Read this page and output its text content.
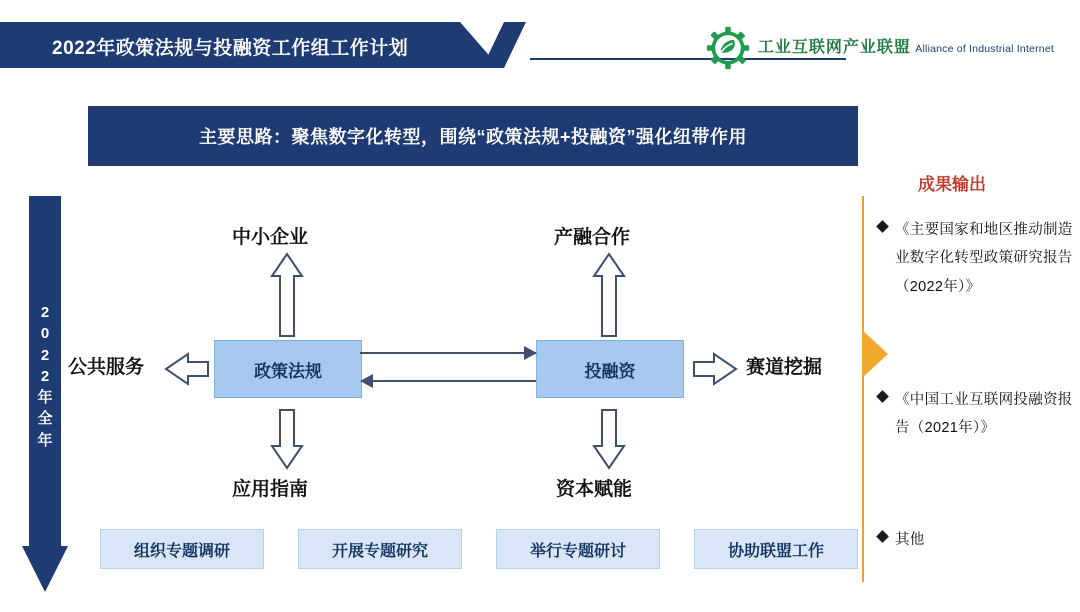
2022年政策法规与投融资工作组工作计划	工业互联网产业联盟 Alliance of Industrial Internet
主要思路：聚焦数字化转型，围绕“政策法规+投融资”强化纽带作用
2
0
2
2
年
全
年
政策法规	投融资
中小企业	产融合作
公共服务	赛道挖掘
应用指南	资本赋能
组织专题调研	开展专题研究	举行专题研讨	协助联盟工作
成果输出
《主要国家和地区推动制造业数字化转型政策研究报告（2022年）》
《中国工业互联网投融资报告（2021年）》
其他
